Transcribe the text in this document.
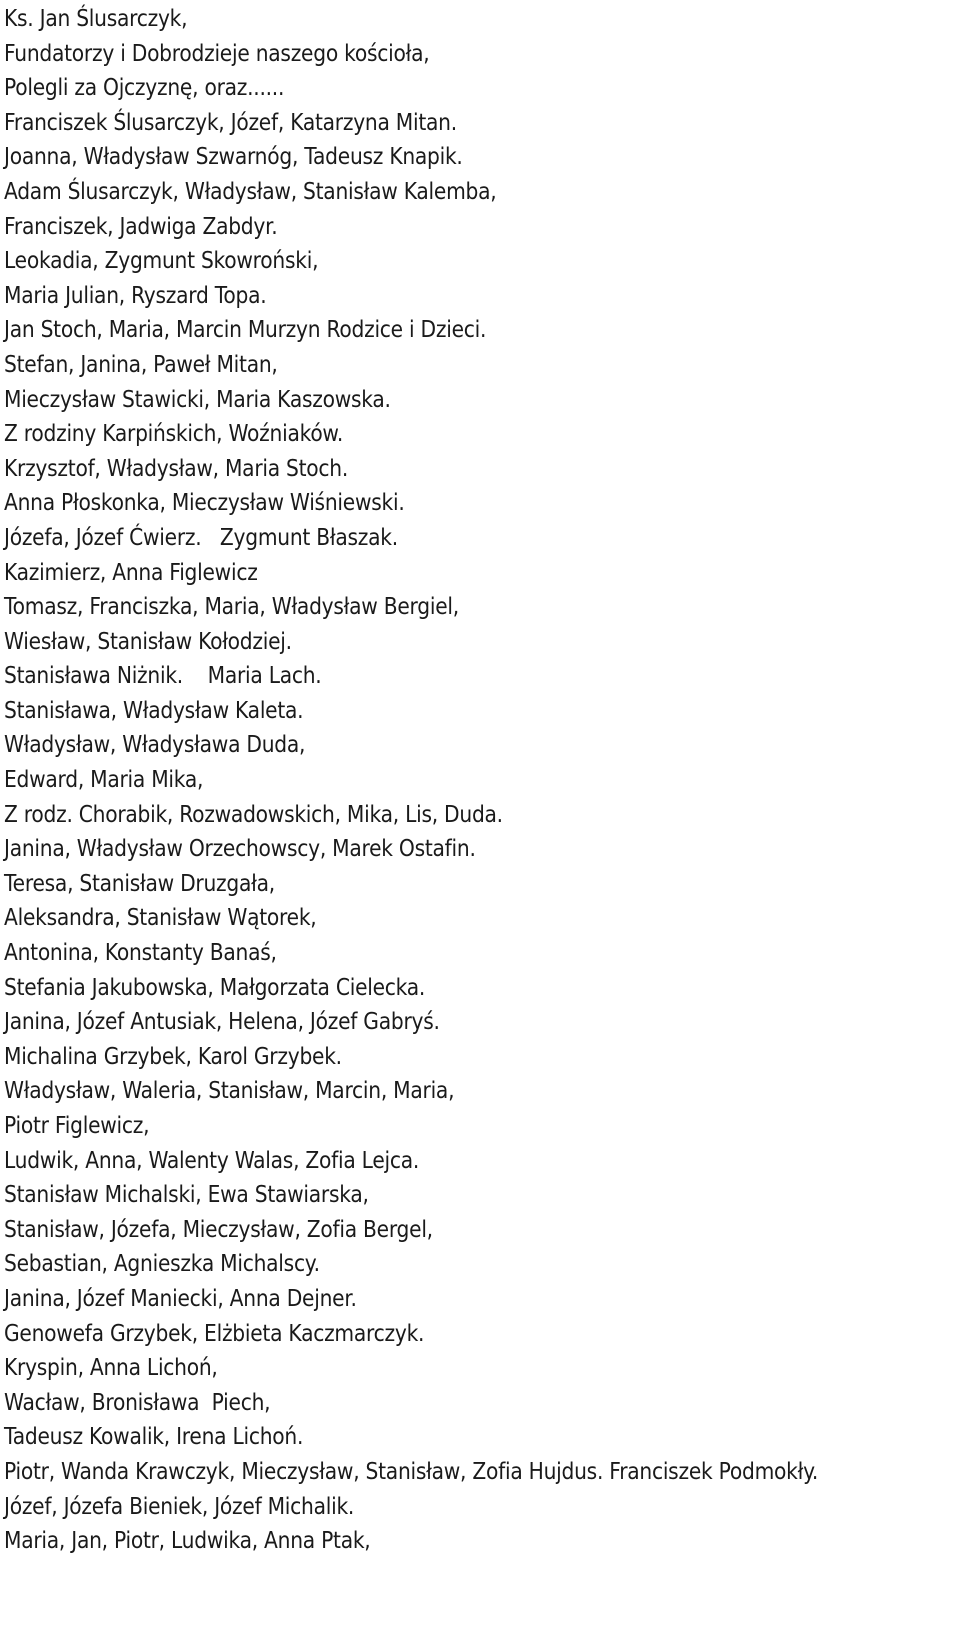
Ks. Jan Ślusarczyk,
Fundatorzy i Dobrodzieje naszego kościoła,
Polegli za Ojczyznę, oraz......
Franciszek Ślusarczyk, Józef, Katarzyna Mitan.
Joanna, Władysław Szwarnóg, Tadeusz Knapik.
Adam Ślusarczyk, Władysław, Stanisław Kalemba,
Franciszek, Jadwiga Zabdyr.
Leokadia, Zygmunt Skowroński,
Maria Julian, Ryszard Topa.
Jan Stoch, Maria, Marcin Murzyn Rodzice i Dzieci.
Stefan, Janina, Paweł Mitan,
Mieczysław Stawicki, Maria Kaszowska.
Z rodziny Karpińskich, Woźniaków.
Krzysztof, Władysław, Maria Stoch.
Anna Płoskonka, Mieczysław Wiśniewski.
Józefa, Józef Ćwierz.   Zygmunt Błaszak.
Kazimierz, Anna Figlewicz
Tomasz, Franciszka, Maria, Władysław Bergiel,
Wiesław, Stanisław Kołodziej.
Stanisława Niżnik.    Maria Lach.
Stanisława, Władysław Kaleta.
Władysław, Władysława Duda,
Edward, Maria Mika,
Z rodz. Chorabik, Rozwadowskich, Mika, Lis, Duda.
Janina, Władysław Orzechowscy, Marek Ostafin.
Teresa, Stanisław Druzgała,
Aleksandra, Stanisław Wątorek,
Antonina, Konstanty Banaś,
Stefania Jakubowska, Małgorzata Cielecka.
Janina, Józef Antusiak, Helena, Józef Gabryś.
Michalina Grzybek, Karol Grzybek.
Władysław, Waleria, Stanisław, Marcin, Maria,
Piotr Figlewicz,
Ludwik, Anna, Walenty Walas, Zofia Lejca.
Stanisław Michalski, Ewa Stawiarska,
Stanisław, Józefa, Mieczysław, Zofia Bergel,
Sebastian, Agnieszka Michalscy.
Janina, Józef Maniecki, Anna Dejner.
Genowefa Grzybek, Elżbieta Kaczmarczyk.
Kryspin, Anna Lichoń,
Wacław, Bronisława  Piech,
Tadeusz Kowalik, Irena Lichoń.
Piotr, Wanda Krawczyk, Mieczysław, Stanisław, Zofia Hujdus. Franciszek Podmokły.
Józef, Józefa Bieniek, Józef Michalik.
Maria, Jan, Piotr, Ludwika, Anna Ptak,
